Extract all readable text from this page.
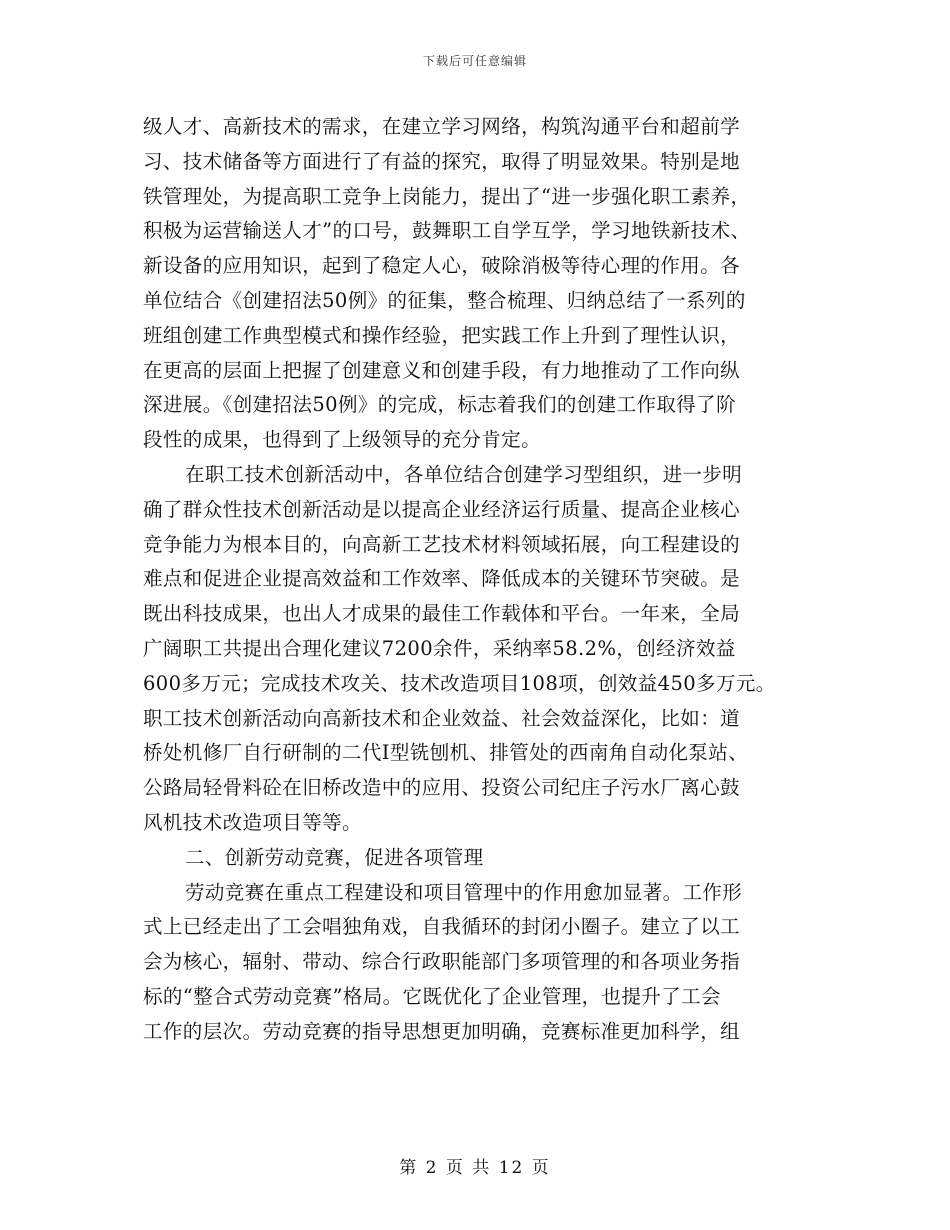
下载后可任意编辑
级人才、高新技术的需求，在建立学习网络，构筑沟通平台和超前学
习、技术储备等方面进行了有益的探究，取得了明显效果。特别是地
铁管理处，为提高职工竞争上岗能力，提出了“进一步强化职工素养，
积极为运营输送人才”的口号，鼓舞职工自学互学，学习地铁新技术、
新设备的应用知识，起到了稳定人心，破除消极等待心理的作用。各
单位结合《创建招法50例》的征集，整合梳理、归纳总结了一系列的
班组创建工作典型模式和操作经验，把实践工作上升到了理性认识，
在更高的层面上把握了创建意义和创建手段，有力地推动了工作向纵
深进展。《创建招法50例》的完成，标志着我们的创建工作取得了阶
段性的成果，也得到了上级领导的充分肯定。
在职工技术创新活动中，各单位结合创建学习型组织，进一步明
确了群众性技术创新活动是以提高企业经济运行质量、提高企业核心
竞争能力为根本目的，向高新工艺技术材料领域拓展，向工程建设的
难点和促进企业提高效益和工作效率、降低成本的关键环节突破。是
既出科技成果，也出人才成果的最佳工作载体和平台。一年来，全局
广阔职工共提出合理化建议7200余件，采纳率58.2%，创经济效益
600多万元；完成技术攻关、技术改造项目108项，创效益450多万元。
职工技术创新活动向高新技术和企业效益、社会效益深化，比如：道
桥处机修厂自行研制的二代Ⅰ型铣刨机、排管处的西南角自动化泵站、
公路局轻骨料砼在旧桥改造中的应用、投资公司纪庄子污水厂离心鼓
风机技术改造项目等等。
二、创新劳动竞赛，促进各项管理
劳动竞赛在重点工程建设和项目管理中的作用愈加显著。工作形
式上已经走出了工会唱独角戏，自我循环的封闭小圈子。建立了以工
会为核心，辐射、带动、综合行政职能部门多项管理的和各项业务指
标的“整合式劳动竞赛”格局。它既优化了企业管理，也提升了工会
工作的层次。劳动竞赛的指导思想更加明确，竞赛标准更加科学，组
第 2 页 共 12 页
